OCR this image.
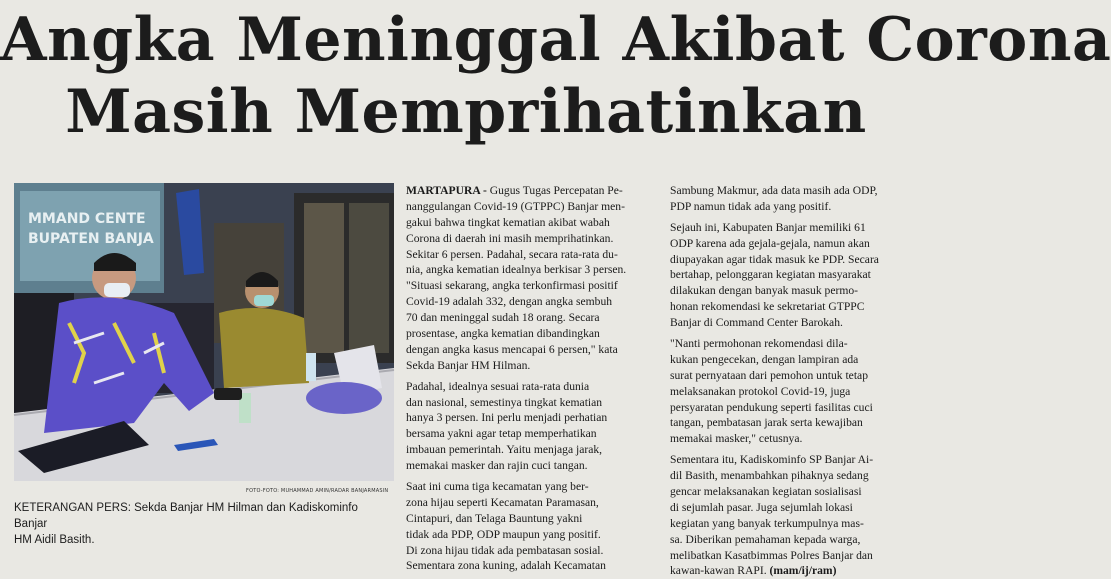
Angka Meninggal Akibat Corona
Masih Memprihatinkan
MMAND CENTE
BUPATEN BANJA
FOTO-FOTO: MUHAMMAD AMIN/RADAR BANJARMASIN
KETERANGAN PERS: Sekda Banjar HM Hilman dan Kadiskominfo Banjar
HM Aidil Basith.
MARTAPURA - Gugus Tugas Percepatan Pe-
nanggulangan Covid-19 (GTPPC) Banjar men-
gakui bahwa tingkat kematian akibat wabah
Corona di daerah ini masih memprihatinkan.
Sekitar 6 persen. Padahal, secara rata-rata du-
nia, angka kematian idealnya berkisar 3 persen.
"Situasi sekarang, angka terkonfirmasi positif
Covid-19 adalah 332, dengan angka sembuh
70 dan meninggal sudah 18 orang. Secara
prosentase, angka kematian dibandingkan
dengan angka kasus mencapai 6 persen," kata
Sekda Banjar HM Hilman.
Padahal, idealnya sesuai rata-rata dunia
dan nasional, semestinya tingkat kematian
hanya 3 persen. Ini perlu menjadi perhatian
bersama yakni agar tetap memperhatikan
imbauan pemerintah. Yaitu menjaga jarak,
memakai masker dan rajin cuci tangan.
Saat ini cuma tiga kecamatan yang ber-
zona hijau seperti Kecamatan Paramasan,
Cintapuri, dan Telaga Bauntung yakni
tidak ada PDP, ODP maupun yang positif.
Di zona hijau tidak ada pembatasan sosial.
Sementara zona kuning, adalah Kecamatan
Sambung Makmur, ada data masih ada ODP,
PDP namun tidak ada yang positif.
Sejauh ini, Kabupaten Banjar memiliki 61
ODP karena ada gejala-gejala, namun akan
diupayakan agar tidak masuk ke PDP. Secara
bertahap, pelonggaran kegiatan masyarakat
dilakukan dengan banyak masuk permo-
honan rekomendasi ke sekretariat GTPPC
Banjar di Command Center Barokah.
"Nanti permohonan rekomendasi dila-
kukan pengecekan, dengan lampiran ada
surat pernyataan dari pemohon untuk tetap
melaksanakan protokol Covid-19, juga
persyaratan pendukung seperti fasilitas cuci
tangan, pembatasan jarak serta kewajiban
memakai masker," cetusnya.
Sementara itu, Kadiskominfo SP Banjar Ai-
dil Basith, menambahkan pihaknya sedang
gencar melaksanakan kegiatan sosialisasi
di sejumlah pasar. Juga sejumlah lokasi
kegiatan yang banyak terkumpulnya mas-
sa. Diberikan pemahaman kepada warga,
melibatkan Kasatbimmas Polres Banjar dan
kawan-kawan RAPI. (mam/ij/ram)
